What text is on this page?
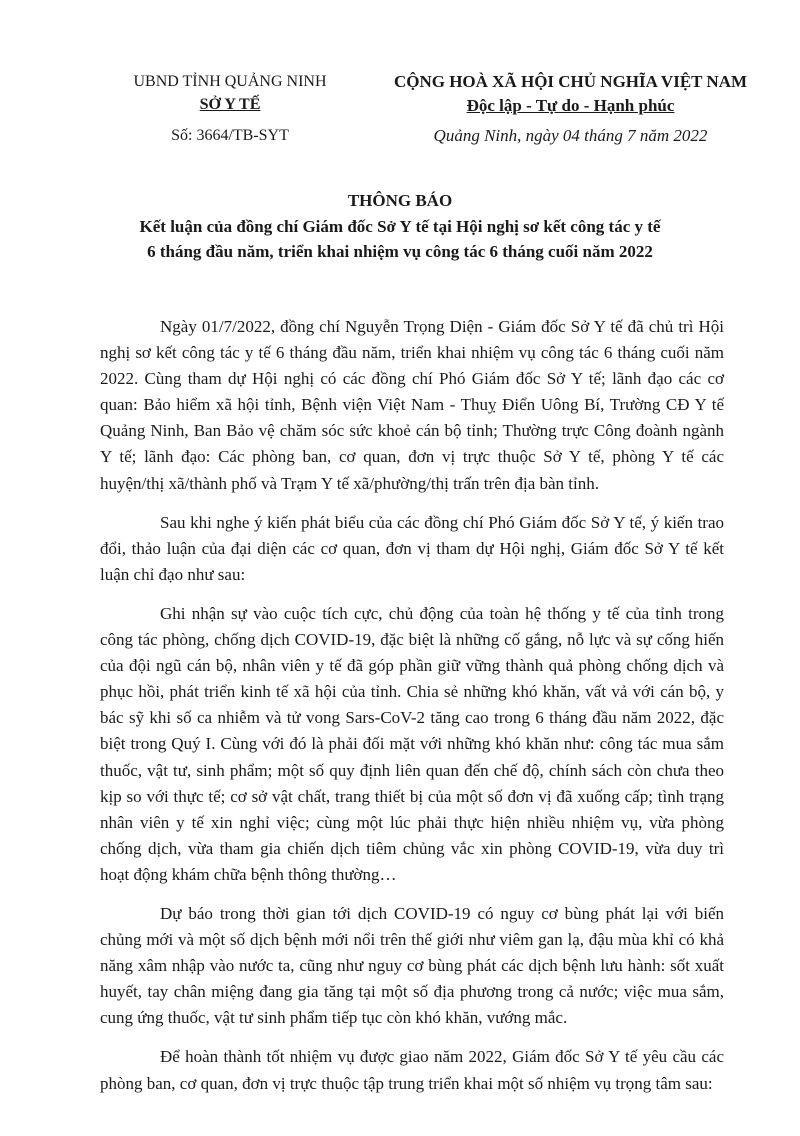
UBND TỈNH QUẢNG NINH
SỞ Y TẾ
Số: 3664/TB-SYT
CỘNG HOÀ XÃ HỘI CHỦ NGHĨA VIỆT NAM
Độc lập - Tự do - Hạnh phúc
Quảng Ninh, ngày 04 tháng 7 năm 2022
THÔNG BÁO
Kết luận của đồng chí Giám đốc Sở Y tế tại Hội nghị sơ kết công tác y tế
6 tháng đầu năm, triển khai nhiệm vụ công tác 6 tháng cuối năm 2022

Ngày 01/7/2022, đồng chí Nguyễn Trọng Diện - Giám đốc Sở Y tế đã chủ trì Hội nghị sơ kết công tác y tế 6 tháng đầu năm, triển khai nhiệm vụ công tác 6 tháng cuối năm 2022. Cùng tham dự Hội nghị có các đồng chí Phó Giám đốc Sở Y tế; lãnh đạo các cơ quan: Bảo hiểm xã hội tỉnh, Bệnh viện Việt Nam - Thuỵ Điển Uông Bí, Trường CĐ Y tế Quảng Ninh, Ban Bảo vệ chăm sóc sức khoẻ cán bộ tỉnh; Thường trực Công đoành ngành Y tế; lãnh đạo: Các phòng ban, cơ quan, đơn vị trực thuộc Sở Y tế, phòng Y tế các huyện/thị xã/thành phố và Trạm Y tế xã/phường/thị trấn trên địa bàn tỉnh.

Sau khi nghe ý kiến phát biểu của các đồng chí Phó Giám đốc Sở Y tế, ý kiến trao đổi, thảo luận của đại diện các cơ quan, đơn vị tham dự Hội nghị, Giám đốc Sở Y tế kết luận chỉ đạo như sau:

Ghi nhận sự vào cuộc tích cực, chủ động của toàn hệ thống y tế của tỉnh trong công tác phòng, chống dịch COVID-19, đặc biệt là những cố gắng, nỗ lực và sự cống hiến của đội ngũ cán bộ, nhân viên y tế đã góp phần giữ vững thành quả phòng chống dịch và phục hồi, phát triển kinh tế xã hội của tỉnh. Chia sẻ những khó khăn, vất vả với cán bộ, y bác sỹ khi số ca nhiễm và tử vong Sars-CoV-2 tăng cao trong 6 tháng đầu năm 2022, đặc biệt trong Quý I. Cùng với đó là phải đối mặt với những khó khăn như: công tác mua sắm thuốc, vật tư, sinh phẩm; một số quy định liên quan đến chế độ, chính sách còn chưa theo kịp so với thực tế; cơ sở vật chất, trang thiết bị của một số đơn vị đã xuống cấp; tình trạng nhân viên y tế xin nghỉ việc; cùng một lúc phải thực hiện nhiều nhiệm vụ, vừa phòng chống dịch, vừa tham gia chiến dịch tiêm chủng vắc xin phòng COVID-19, vừa duy trì hoạt động khám chữa bệnh thông thường…

Dự báo trong thời gian tới dịch COVID-19 có nguy cơ bùng phát lại với biến chủng mới và một số dịch bệnh mới nổi trên thế giới như viêm gan lạ, đậu mùa khỉ có khả năng xâm nhập vào nước ta, cũng như nguy cơ bùng phát các dịch bệnh lưu hành: sốt xuất huyết, tay chân miệng đang gia tăng tại một số địa phương trong cả nước; việc mua sắm, cung ứng thuốc, vật tư sinh phẩm tiếp tục còn khó khăn, vướng mắc.

Để hoàn thành tốt nhiệm vụ được giao năm 2022, Giám đốc Sở Y tế yêu cầu các phòng ban, cơ quan, đơn vị trực thuộc tập trung triển khai một số nhiệm vụ trọng tâm sau:
